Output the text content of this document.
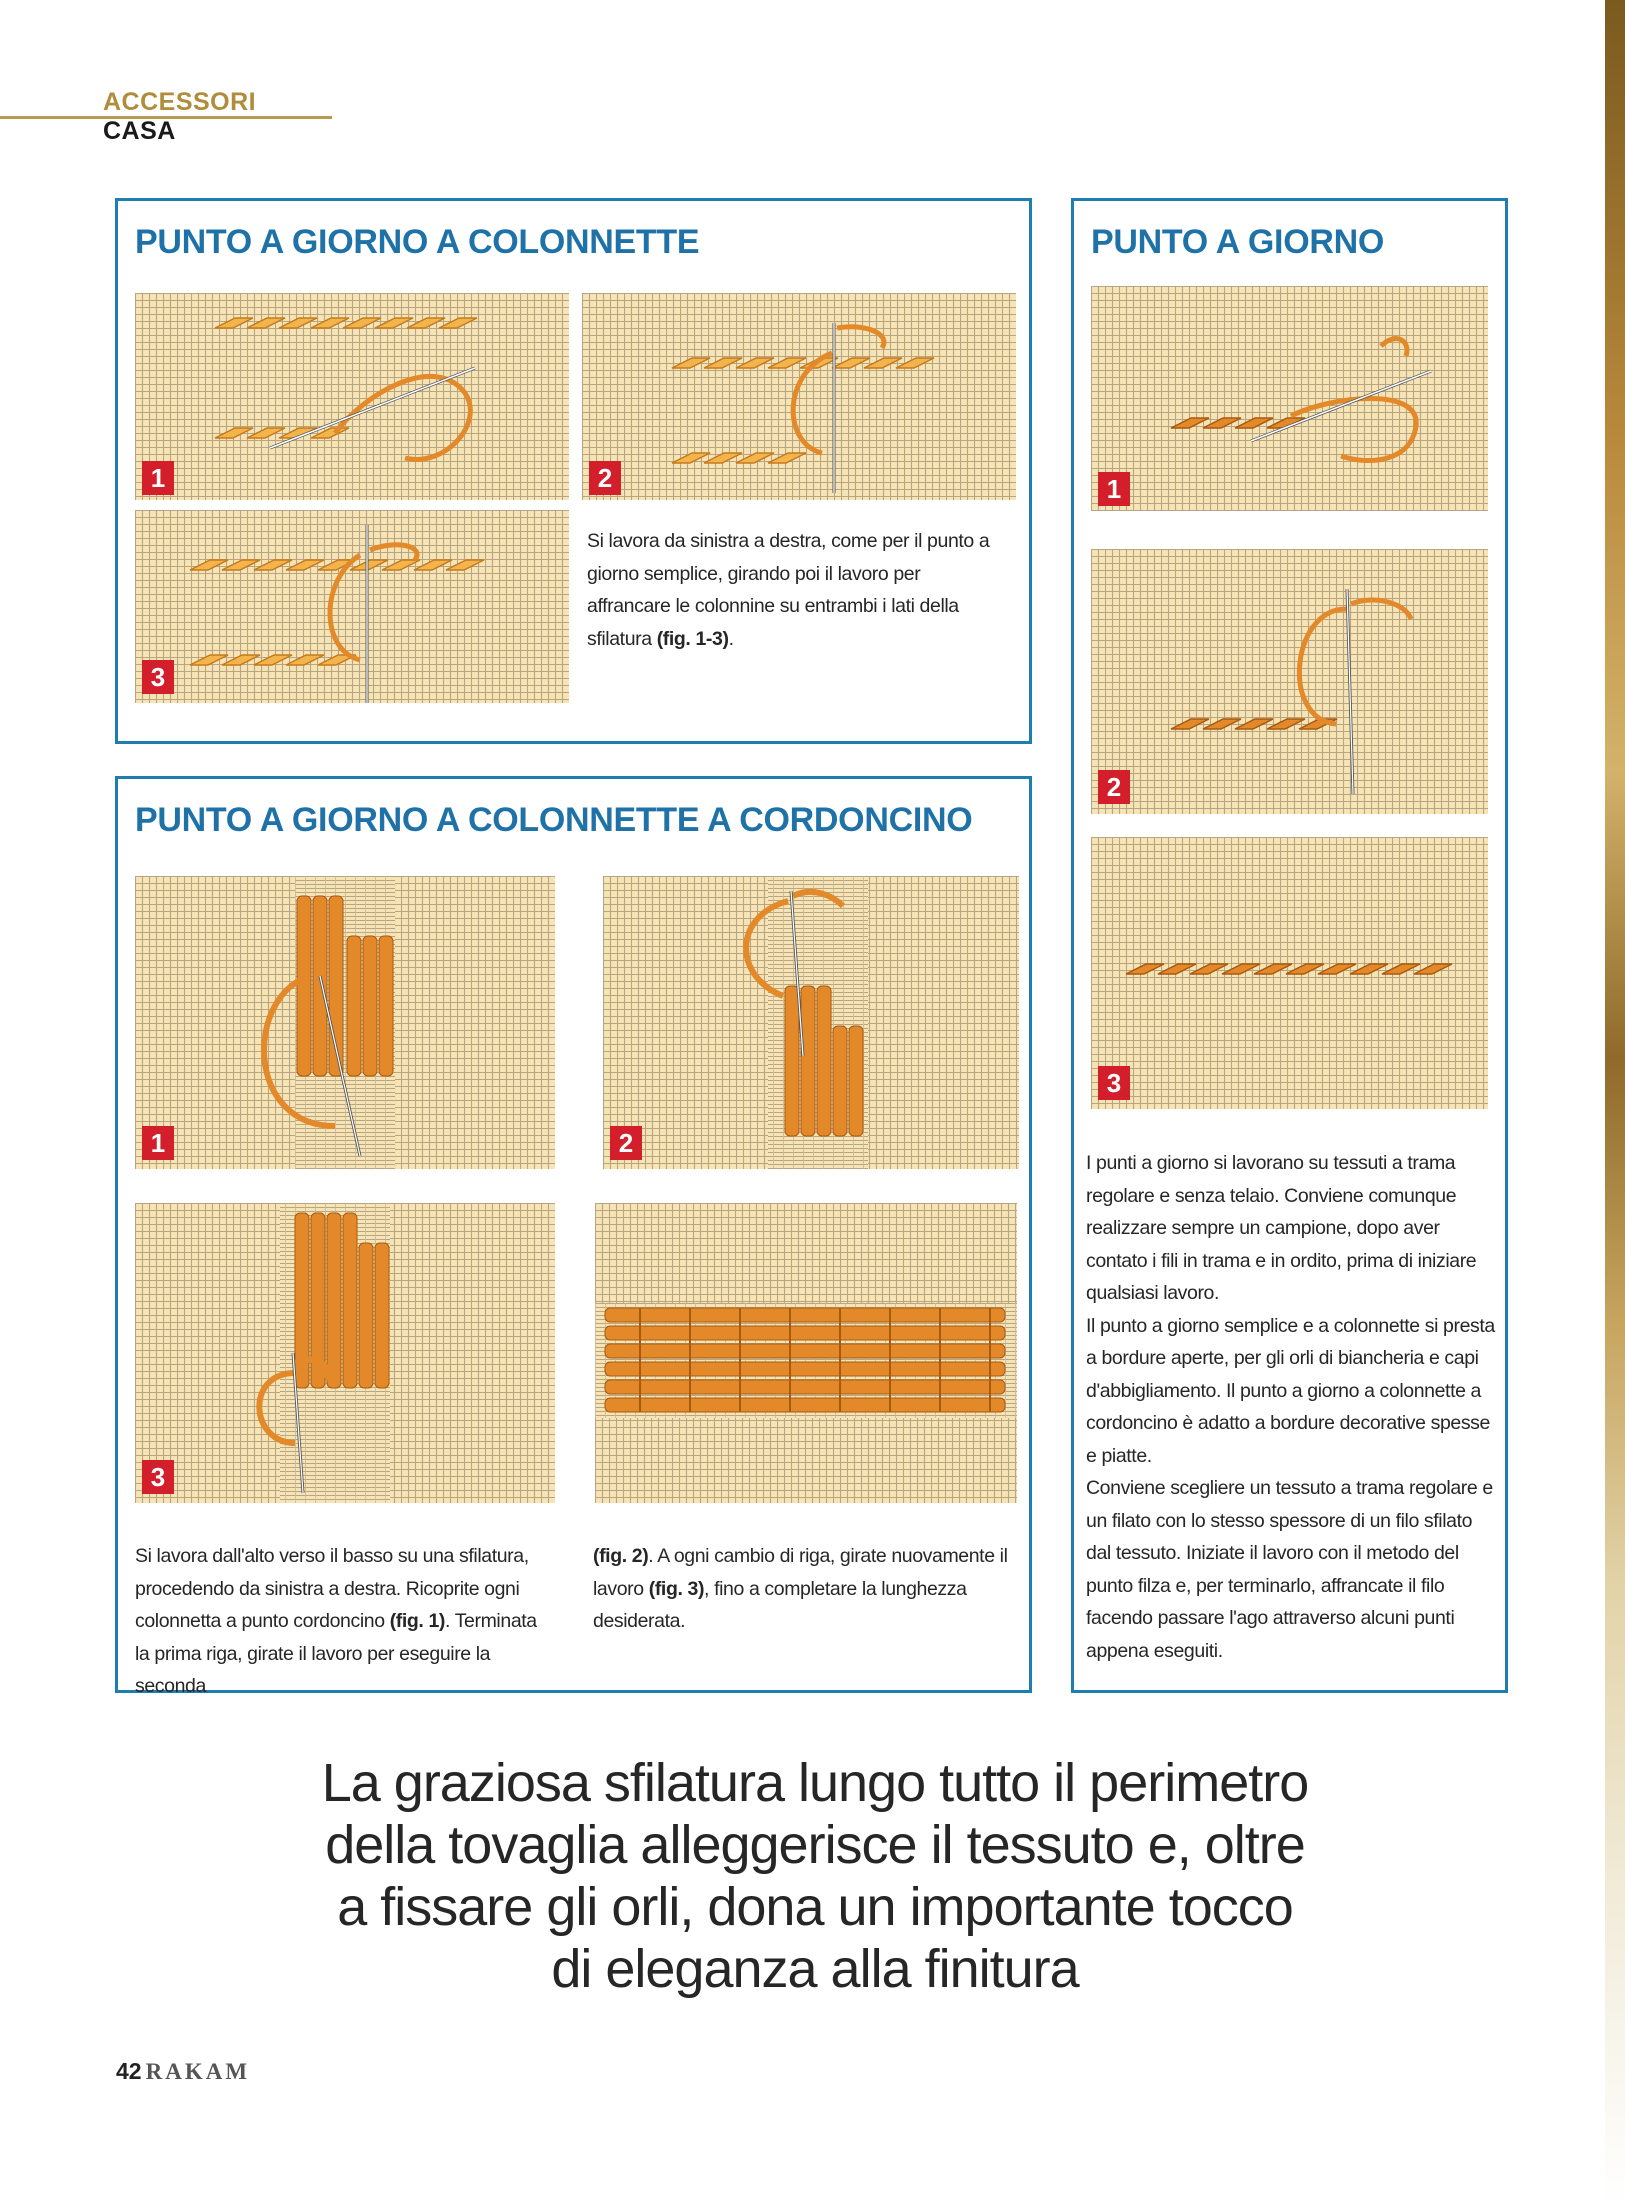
ACCESSORI CASA
PUNTO A GIORNO A COLONNETTE
1	2
3
Si lavora da sinistra a destra, come per il punto a giorno semplice, girando poi il lavoro per affrancare le colonnine su entrambi i lati della sfilatura (fig. 1-3).
PUNTO A GIORNO A COLONNETTE A CORDONCINO
1	2
3
Si lavora dall'alto verso il basso su una sfilatura, procedendo da sinistra a destra. Ricoprite ogni colonnetta a punto cordoncino (fig. 1). Terminata la prima riga, girate il lavoro per eseguire la seconda
(fig. 2). A ogni cambio di riga, girate nuovamente il lavoro (fig. 3), fino a completare la lunghezza desiderata.
PUNTO A GIORNO
1
2
3

I punti a giorno si lavorano su tessuti a trama regolare e senza telaio. Conviene comunque realizzare sempre un campione, dopo aver contato i fili in trama e in ordito, prima di iniziare qualsiasi lavoro.

Il punto a giorno semplice e a colonnette si presta a bordure aperte, per gli orli di biancheria e capi d'abbigliamento. Il punto a giorno a colonnette a cordoncino è adatto a bordure decorative spesse e piatte.

Conviene scegliere un tessuto a trama regolare e un filato con lo stesso spessore di un filo sfilato dal tessuto. Iniziate il lavoro con il metodo del punto filza e, per terminarlo, affrancate il filo facendo passare l'ago attraverso alcuni punti appena eseguiti.

La graziosa sfilatura lungo tutto il perimetro
della tovaglia alleggerisce il tessuto e, oltre
a fissare gli orli, dona un importante tocco
di eleganza alla finitura
42 RAKAM
